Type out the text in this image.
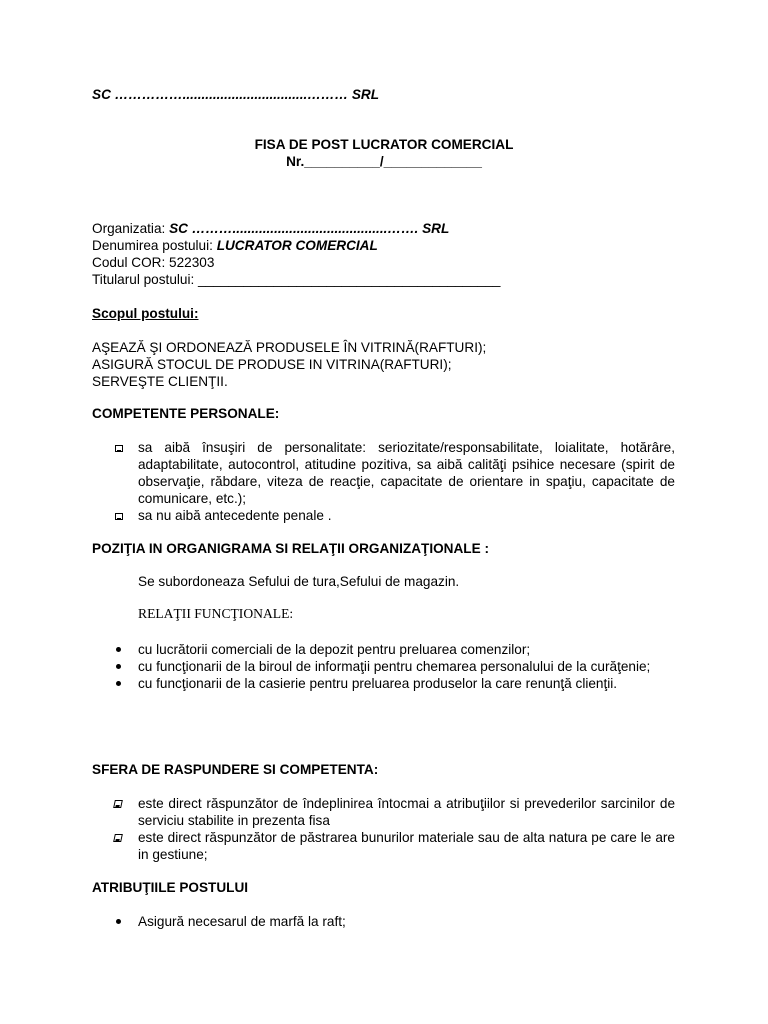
SC …………….................................……… SRL
FISA DE POST LUCRATOR COMERCIAL
Nr.__________/_____________
Organizatia: SC ……….........................................……. SRL
Denumirea postului: LUCRATOR COMERCIAL
Codul COR: 522303
Titularul postului: ________________________________________
Scopul postului:
AŞEAZĂ ŞI ORDONEAZĂ PRODUSELE ÎN VITRINĂ(RAFTURI);
ASIGURĂ STOCUL DE PRODUSE IN VITRINA(RAFTURI);
SERVEŞTE CLIENŢII.
COMPETENTE PERSONALE:
sa aibă însuşiri de personalitate: seriozitate/responsabilitate, loialitate, hotărâre, adaptabilitate, autocontrol, atitudine pozitiva, sa aibă calităţi psihice necesare (spirit de observaţie, răbdare, viteza de reacţie, capacitate de orientare in spaţiu, capacitate de comunicare, etc.);
sa nu aibă antecedente penale .
POZIŢIA IN ORGANIGRAMA SI RELAŢII ORGANIZAŢIONALE :
Se subordoneaza Sefului de tura,Sefului de magazin.
RELAŢII FUNCŢIONALE:
cu lucrătorii comerciali de la depozit pentru preluarea comenzilor;
cu funcţionarii de la biroul de informaţii pentru chemarea personalului de la curăţenie;
cu funcţionarii de la casierie pentru preluarea produselor la care renunţă clienţii.
SFERA DE RASPUNDERE SI COMPETENTA:
este direct răspunzător de îndeplinirea întocmai a atribuţiilor si prevederilor sarcinilor de serviciu stabilite in prezenta fisa
este direct răspunzător de păstrarea bunurilor materiale sau de alta natura pe care le are in gestiune;
ATRIBUŢIILE POSTULUI
Asigură necesarul de marfă la raft;
